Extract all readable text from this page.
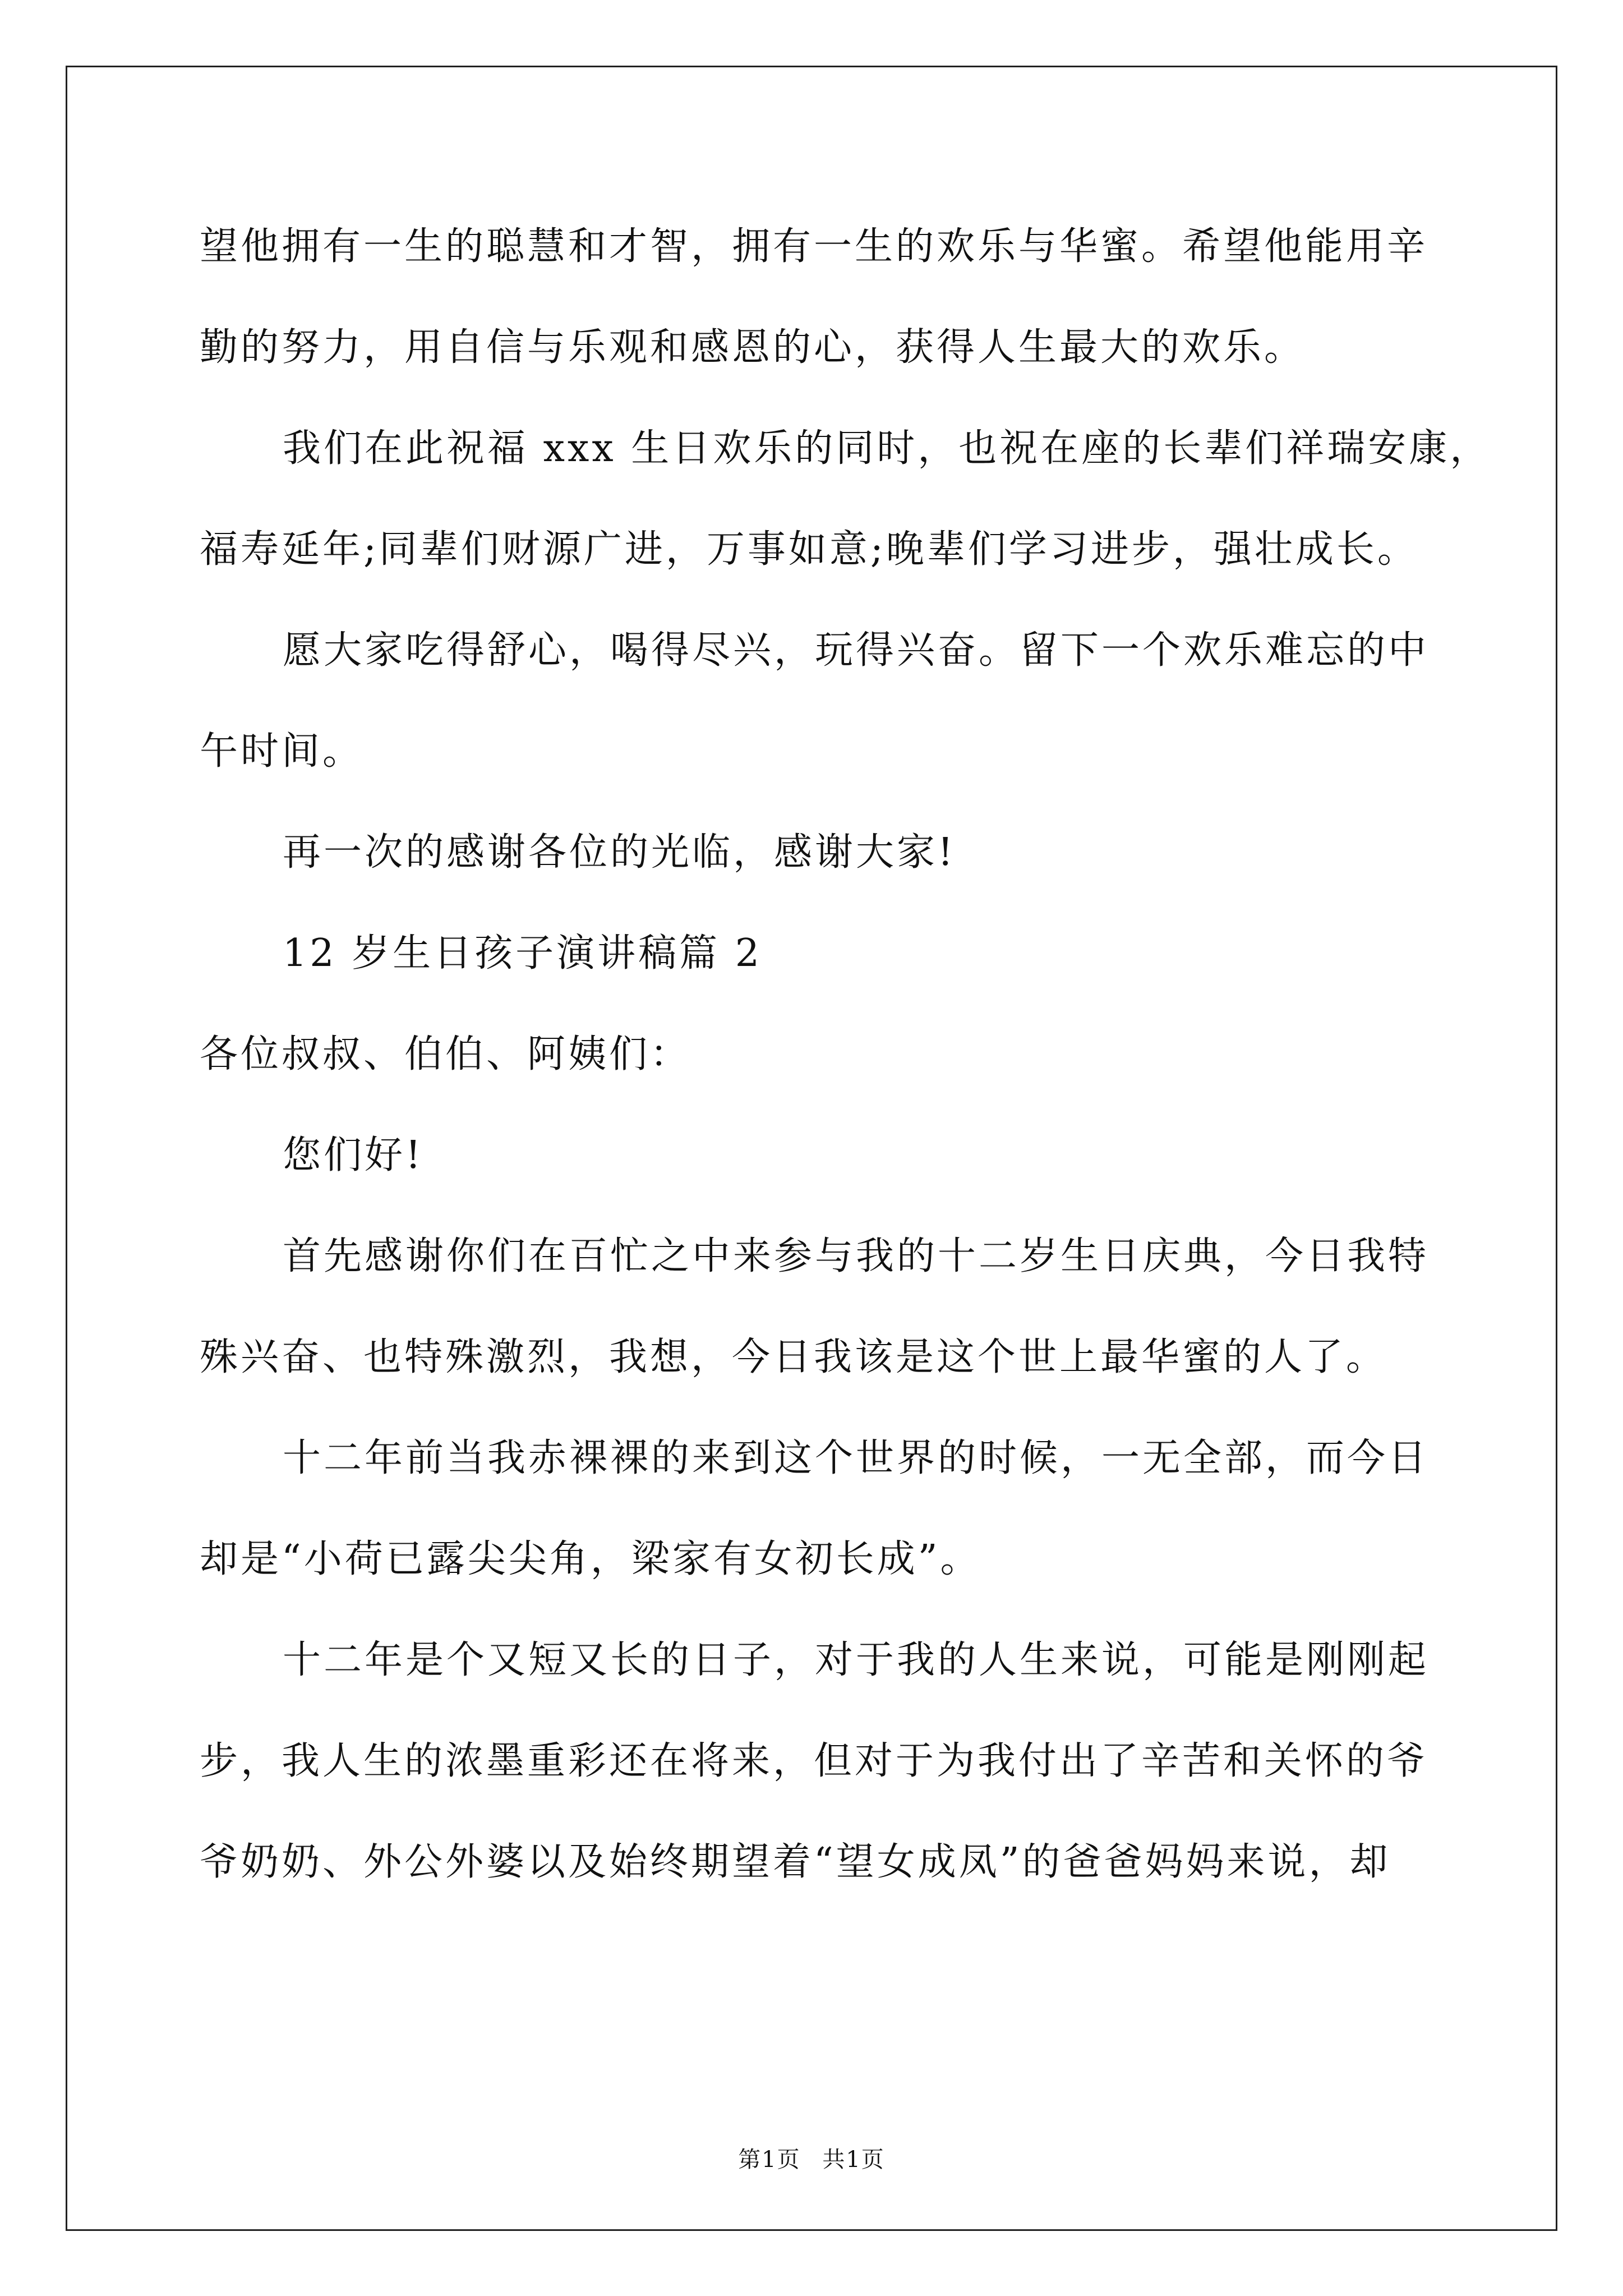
望他拥有一生的聪慧和才智，拥有一生的欢乐与华蜜。希望他能用辛
勤的努力，用自信与乐观和感恩的心，获得人生最大的欢乐。
我们在此祝福 xxx 生日欢乐的同时，也祝在座的长辈们祥瑞安康，
福寿延年;同辈们财源广进，万事如意;晚辈们学习进步，强壮成长。
愿大家吃得舒心，喝得尽兴，玩得兴奋。留下一个欢乐难忘的中
午时间。
再一次的感谢各位的光临，感谢大家!
12 岁生日孩子演讲稿篇 2
各位叔叔、伯伯、阿姨们：
您们好!
首先感谢你们在百忙之中来参与我的十二岁生日庆典，今日我特
殊兴奋、也特殊激烈，我想，今日我该是这个世上最华蜜的人了。
十二年前当我赤裸裸的来到这个世界的时候，一无全部，而今日
却是“小荷已露尖尖角，梁家有女初长成”。
十二年是个又短又长的日子，对于我的人生来说，可能是刚刚起
步，我人生的浓墨重彩还在将来，但对于为我付出了辛苦和关怀的爷
爷奶奶、外公外婆以及始终期望着“望女成凤”的爸爸妈妈来说，却
第1页 共1页
